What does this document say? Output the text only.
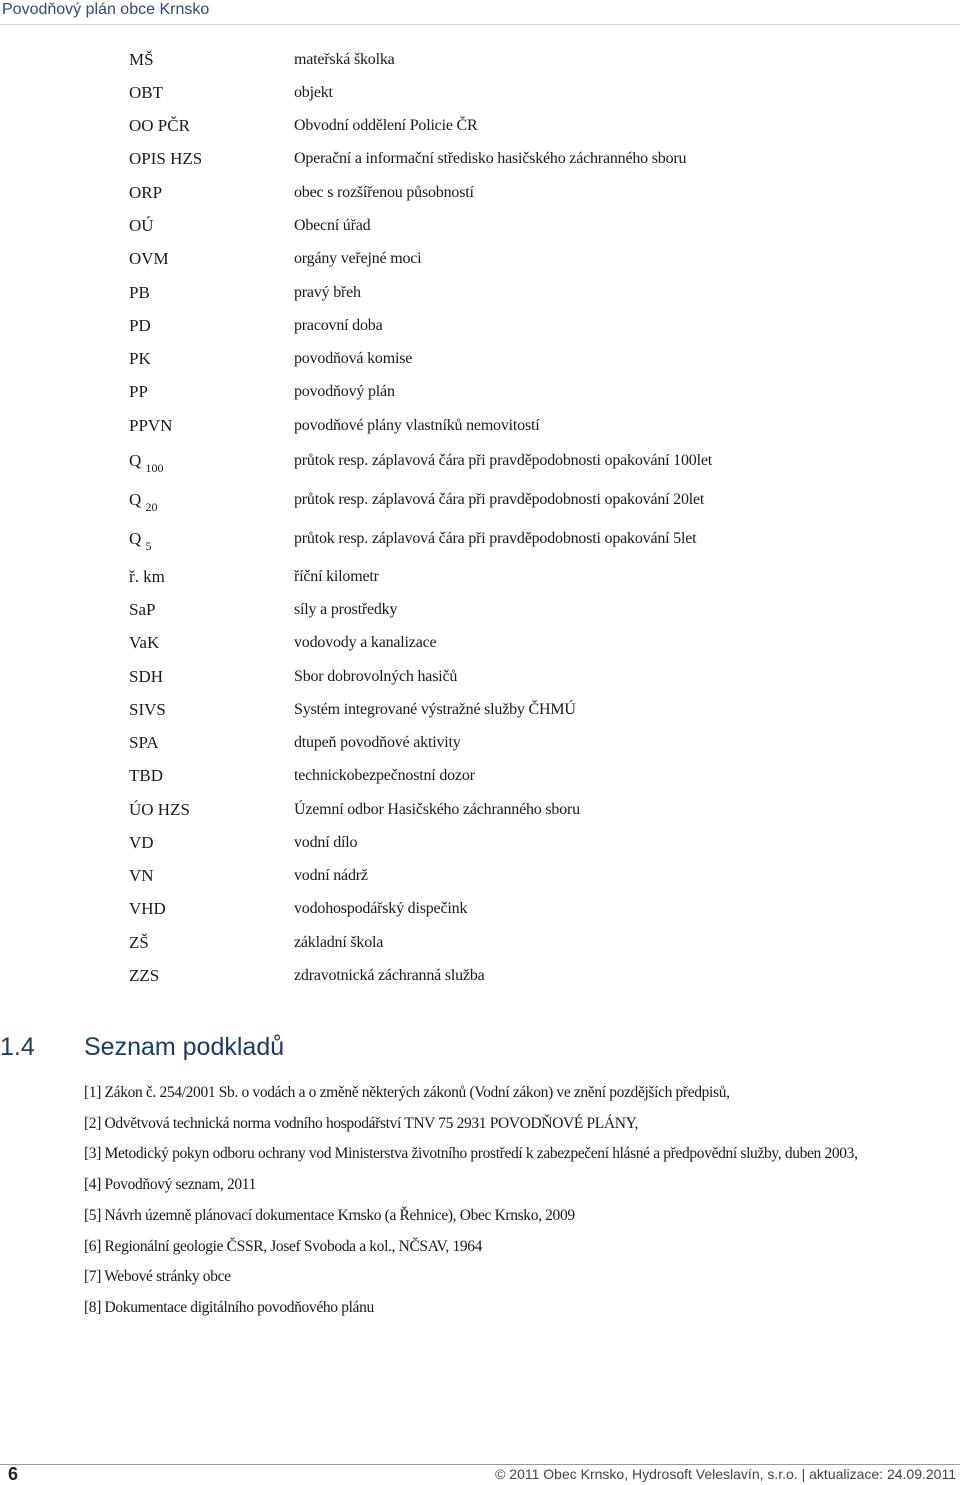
Povodňový plán obce Krnsko
MŠ	mateřská školka
OBT	objekt
OO PČR	Obvodní oddělení Policie ČR
OPIS HZS	Operační a informační středisko hasičského záchranného sboru
ORP	obec s rozšířenou působností
OÚ	Obecní úřad
OVM	orgány veřejné moci
PB	pravý břeh
PD	pracovní doba
PK	povodňová komise
PP	povodňový plán
PPVN	povodňové plány vlastníků nemovitostí
Q $_{100}$	průtok resp. záplavová čára při pravděpodobnosti opakování 100let
Q $_{20}$	průtok resp. záplavová čára při pravděpodobnosti opakování 20let
Q $_5$	průtok resp. záplavová čára při pravděpodobnosti opakování 5let
ř. km	říční kilometr
SaP	síly a prostředky
VaK	vodovody a kanalizace
SDH	Sbor dobrovolných hasičů
SIVS	Systém integrované výstražné služby ČHMÚ
SPA	dtupeň povodňové aktivity
TBD	technickobezpečnostní dozor
ÚO HZS	Územní odbor Hasičského záchranného sboru
VD	vodní dílo
VN	vodní nádrž
VHD	vodohospodářský dispečink
ZŠ	základní škola
ZZS	zdravotnická záchranná služba
1.4 Seznam podkladů
[1] Zákon č. 254/2001 Sb. o vodách a o změně některých zákonů (Vodní zákon) ve znění pozdějších předpisů,
[2] Odvětvová technická norma vodního hospodářství TNV 75 2931 POVODŇOVÉ PLÁNY,
[3] Metodický pokyn odboru ochrany vod Ministerstva životního prostředí k zabezpečení hlásné a předpovědní služby, duben 2003,
[4] Povodňový seznam, 2011
[5] Návrh územně plánovací dokumentace Krnsko (a Řehnice), Obec Krnsko, 2009
[6] Regionální geologie ČSSR, Josef Svoboda a kol., NČSAV, 1964
[7] Webové stránky obce
[8] Dokumentace digitálního povodňového plánu
6	© 2011 Obec Krnsko, Hydrosoft Veleslavín, s.r.o. | aktualizace: 24.09.2011
